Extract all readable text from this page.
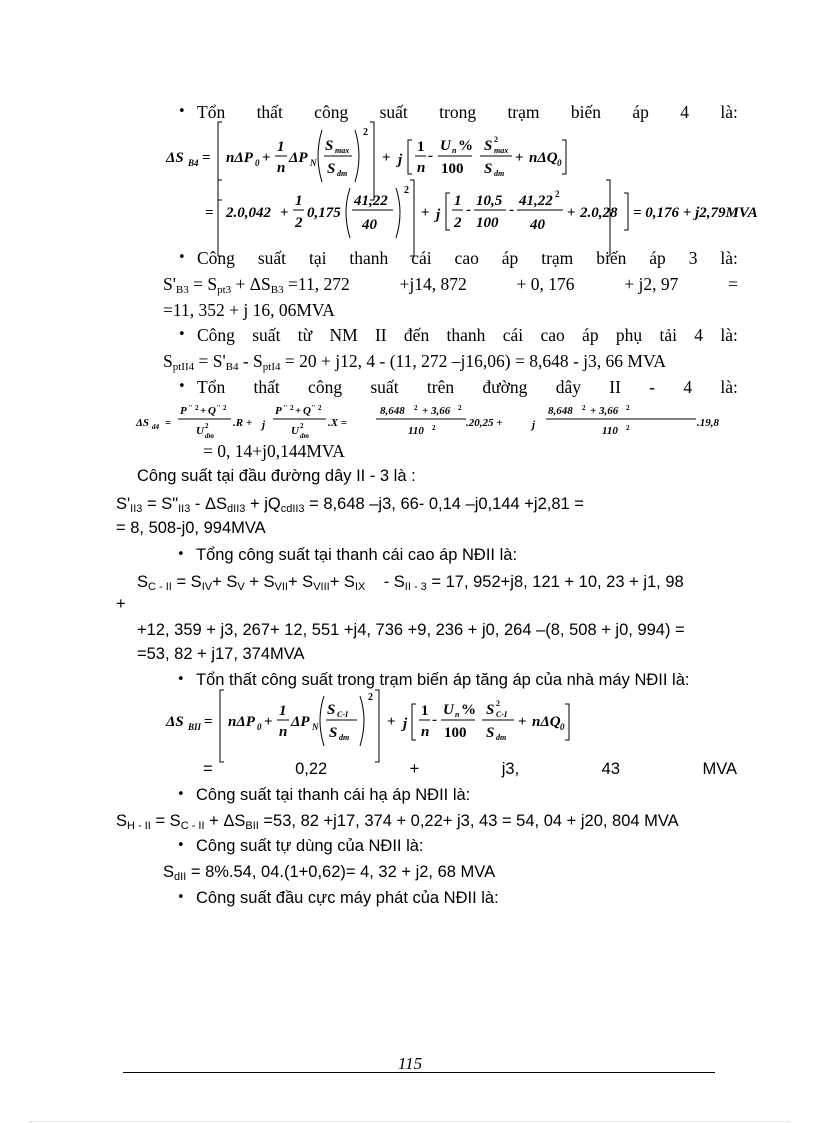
• Tổn thất công suất trong trạm biến áp 4 là:
ΔS B4 = nΔP 0 +
1
n
ΔP N
S max
S dm
2
+ j
1
n
-
U n %
100
S 2
max
S dm
+ nΔQ 0
= 2.0,042 +
1
2
0,175
41,22
40
2
+ j
1
2
-
10,5
100
-
41,22 2
40
+ 2.0,28 = 0,176 + j2,79MVA
ΔS d4 =
P '' 2 + Q '' 2
U 2
dm
.R + j
P '' 2 + Q '' 2
U 2
dm
.X =
8,648 2 + 3,66 2
110 2	.20,25 +	j
8,648 2 + 3,66 2
110 2	.19,8
ΔS BII = nΔP 0 +
1
n
ΔP N
S C-I
S dm
2
+ j
1
n
-
U n %
100
S 2
C-I
S dm
+ nΔQ 0
• Công suất tại thanh cái cao áp trạm biến áp 3 là:
$S'_{B3} = S_{pt3} + \Delta S_{B3} =11$, 272	+j14, 872	+ 0, 176	+ j2, 97	=
=11, 352 + j 16, 06MVA
• Công suất từ NM II đến thanh cái cao áp phụ tải 4 là:
$S_{ptII4} = S'_{B4} - S_{ptI4} = 20 + j12$, 4 - (11, 272 –j16,06) = 8,648 - j3, 66 MVA
• Tổn thất công suất trên đường dây II - 4 là:
= 0, 14+j0,144MVA
Công suất tại đầu đường dây II - 3 là :
$S'_{II3}$ = $S"_{II3} - \Delta S_{dII3} + jQ_{cdII3} = 8,648$ –j3, 66- 0,14 –j0,144 +j2,81 =
= 8, 508-j0, 994MVA
• Tổng công suất tại thanh cái cao áp NĐII là:
$S_{C - II} = S_{IV}+ S_V + S_{VII}+ S_{VIII}+ S_{IX} - S_{II - 3} = 17$, 952+j8, 121 + 10, 23 + j1, 98
+
+12, 359 + j3, 267+ 12, 551 +j4, 736 +9, 236 + j0, 264 –(8, 508 + j0, 994) =
=53, 82 + j17, 374MVA
• Tổn thất công suất trong trạm biến áp tăng áp của nhà máy NĐII là:
=	0,22	+	j3,	43	MVA
• Công suất tại thanh cái hạ áp NĐII là:
$S_{H - II} = S_{C - II} + \Delta S_{BII} =53$, 82 +j17, 374 + 0,22+ j3, 43 = 54, 04 + j20, 804 MVA
• Công suất tự dùng của NĐII là:
$S_{dII} = 8\%.54$, 04.(1+0,62)= 4, 32 + j2, 68 MVA
• Công suất đầu cực máy phát của NĐII là:
115
